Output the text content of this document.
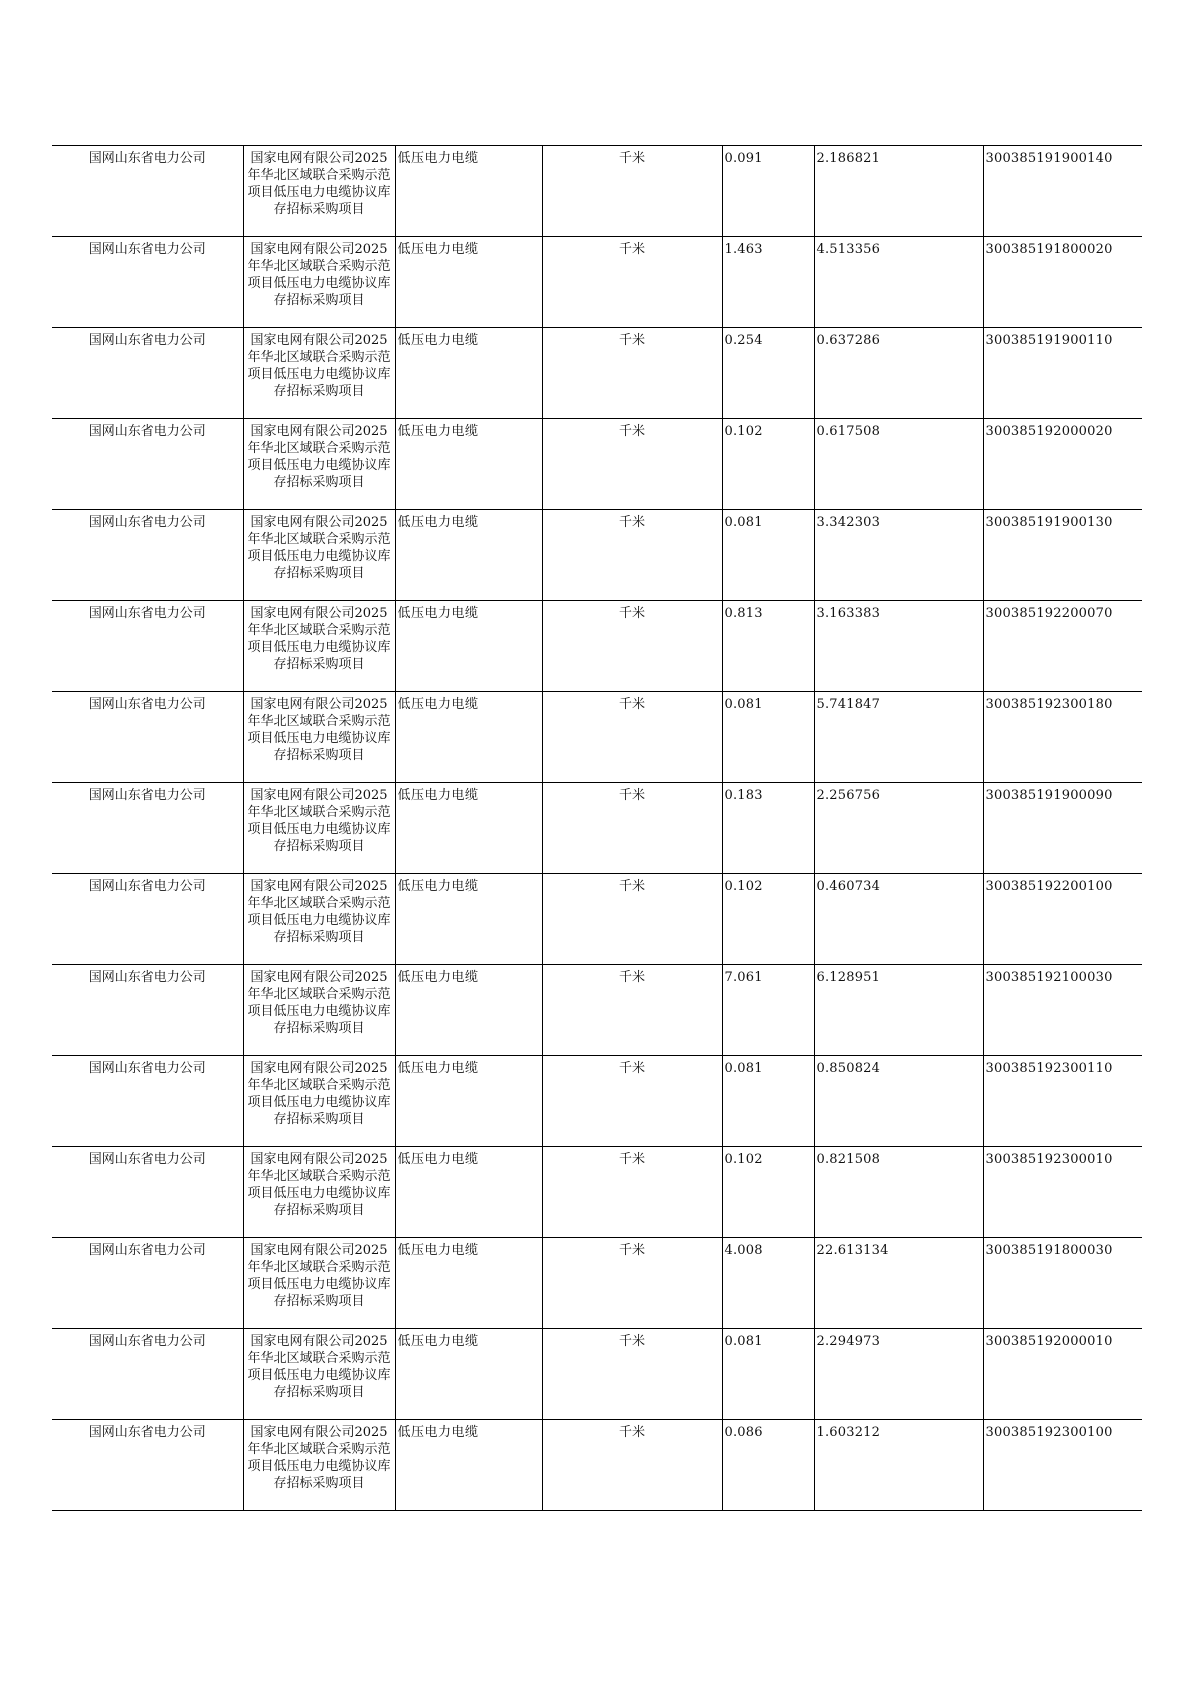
国网山东省电力公司	国家电网有限公司2025年华北区域联合采购示范项目低压电力电缆协议库存招标采购项目	低压电力电缆	千米	0.091	2.186821	300385191900140
国网山东省电力公司	国家电网有限公司2025年华北区域联合采购示范项目低压电力电缆协议库存招标采购项目	低压电力电缆	千米	1.463	4.513356	300385191800020
国网山东省电力公司	国家电网有限公司2025年华北区域联合采购示范项目低压电力电缆协议库存招标采购项目	低压电力电缆	千米	0.254	0.637286	300385191900110
国网山东省电力公司	国家电网有限公司2025年华北区域联合采购示范项目低压电力电缆协议库存招标采购项目	低压电力电缆	千米	0.102	0.617508	300385192000020
国网山东省电力公司	国家电网有限公司2025年华北区域联合采购示范项目低压电力电缆协议库存招标采购项目	低压电力电缆	千米	0.081	3.342303	300385191900130
国网山东省电力公司	国家电网有限公司2025年华北区域联合采购示范项目低压电力电缆协议库存招标采购项目	低压电力电缆	千米	0.813	3.163383	300385192200070
国网山东省电力公司	国家电网有限公司2025年华北区域联合采购示范项目低压电力电缆协议库存招标采购项目	低压电力电缆	千米	0.081	5.741847	300385192300180
国网山东省电力公司	国家电网有限公司2025年华北区域联合采购示范项目低压电力电缆协议库存招标采购项目	低压电力电缆	千米	0.183	2.256756	300385191900090
国网山东省电力公司	国家电网有限公司2025年华北区域联合采购示范项目低压电力电缆协议库存招标采购项目	低压电力电缆	千米	0.102	0.460734	300385192200100
国网山东省电力公司	国家电网有限公司2025年华北区域联合采购示范项目低压电力电缆协议库存招标采购项目	低压电力电缆	千米	7.061	6.128951	300385192100030
国网山东省电力公司	国家电网有限公司2025年华北区域联合采购示范项目低压电力电缆协议库存招标采购项目	低压电力电缆	千米	0.081	0.850824	300385192300110
国网山东省电力公司	国家电网有限公司2025年华北区域联合采购示范项目低压电力电缆协议库存招标采购项目	低压电力电缆	千米	0.102	0.821508	300385192300010
国网山东省电力公司	国家电网有限公司2025年华北区域联合采购示范项目低压电力电缆协议库存招标采购项目	低压电力电缆	千米	4.008	22.613134	300385191800030
国网山东省电力公司	国家电网有限公司2025年华北区域联合采购示范项目低压电力电缆协议库存招标采购项目	低压电力电缆	千米	0.081	2.294973	300385192000010
国网山东省电力公司	国家电网有限公司2025年华北区域联合采购示范项目低压电力电缆协议库存招标采购项目	低压电力电缆	千米	0.086	1.603212	300385192300100
